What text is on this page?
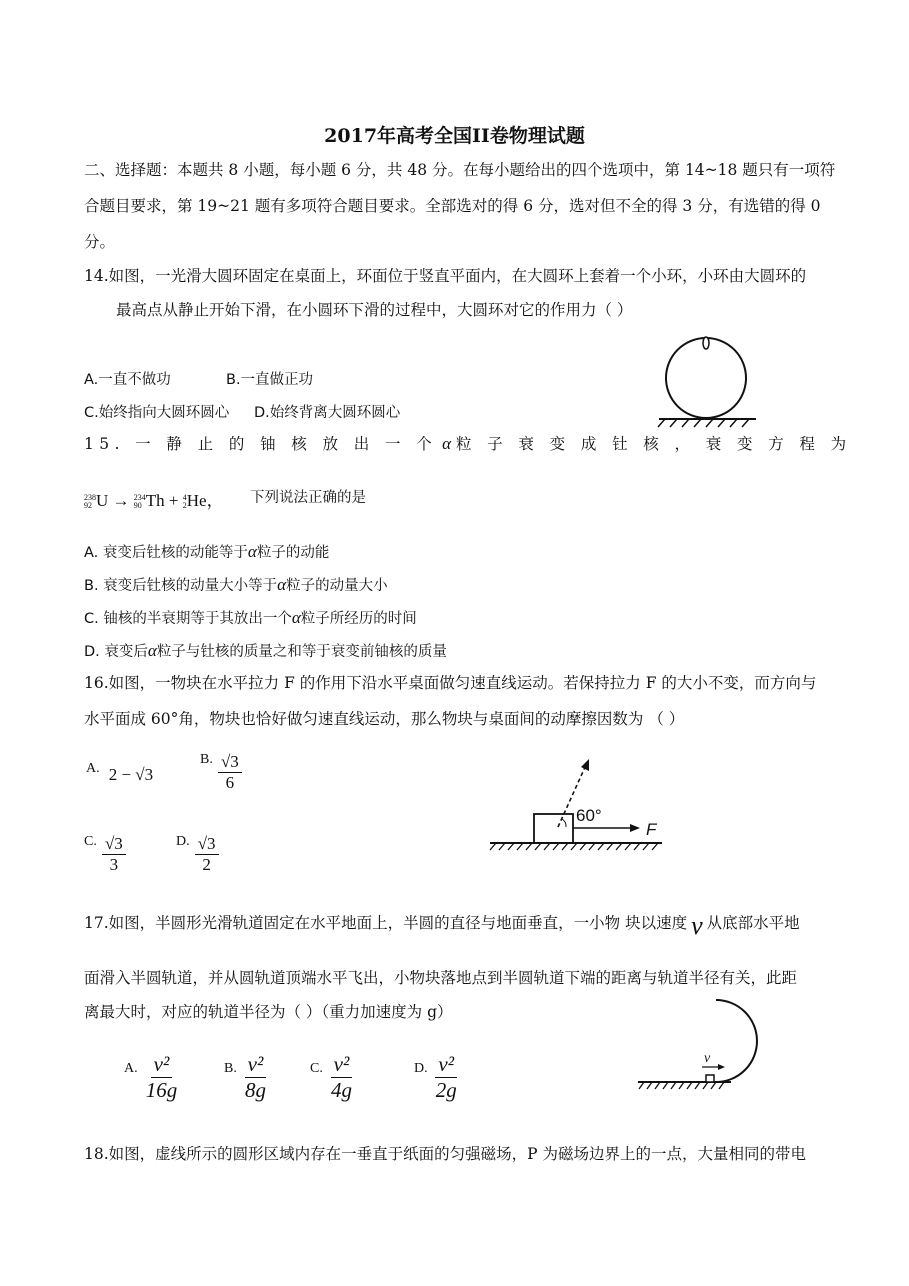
2017年高考全国II卷物理试题
二、选择题：本题共 8 小题，每小题 6 分，共 48 分。在每小题给出的四个选项中，第 14~18 题只有一项符
合题目要求，第 19~21 题有多项符合题目要求。全部选对的得 6 分，选对但不全的得 3 分，有选错的得 0
分。
14.如图，一光滑大圆环固定在桌面上，环面位于竖直平面内，在大圆环上套着一个小环，小环由大圆环的
最高点从静止开始下滑，在小圆环下滑的过程中，大圆环对它的作用力（ ）
A.一直不做功	B.一直做正功
C.始终指向大圆环圆心 D.始终背离大圆环圆心
15. 一 静 止 的 铀 核 放 出 一 个 α 粒 子 衰 变 成 钍 核 ， 衰 变 方 程 为
238
92 U → 234
90 Th + 4
2 He， 下列说法正确的是
A. 衰变后钍核的动能等于α粒子的动能
B. 衰变后钍核的动量大小等于α粒子的动量大小
C. 铀核的半衰期等于其放出一个α粒子所经历的时间
D. 衰变后α粒子与钍核的质量之和等于衰变前铀核的质量
16.如图，一物块在水平拉力 F 的作用下沿水平桌面做匀速直线运动。若保持拉力 F 的大小不变，而方向与
水平面成 60°角，物块也恰好做匀速直线运动，那么物块与桌面间的动摩擦因数为 （ ）
A. 2 − √3
B. $\frac{√3}{6}$
C. $\frac{√3}{3}$	D. $\frac{√3}{2}$
60°
F
17.如图，半圆形光滑轨道固定在水平地面上，半圆的直径与地面垂直，一小物 块以速度 v 从底部水平地
面滑入半圆轨道，并从圆轨道顶端水平飞出，小物块落地点到半圆轨道下端的距离与轨道半径有关，此距
离最大时，对应的轨道半径为（ ）（重力加速度为 g）
A. $\frac{\text{v²}}{16g}$	B. $\frac{\text{v²}}{8g}$	C. $\frac{\text{v²}}{4g}$	D. $\frac{\text{v²}}{2g}$	v
18.如图，虚线所示的圆形区域内存在一垂直于纸面的匀强磁场，P 为磁场边界上的一点，大量相同的带电
